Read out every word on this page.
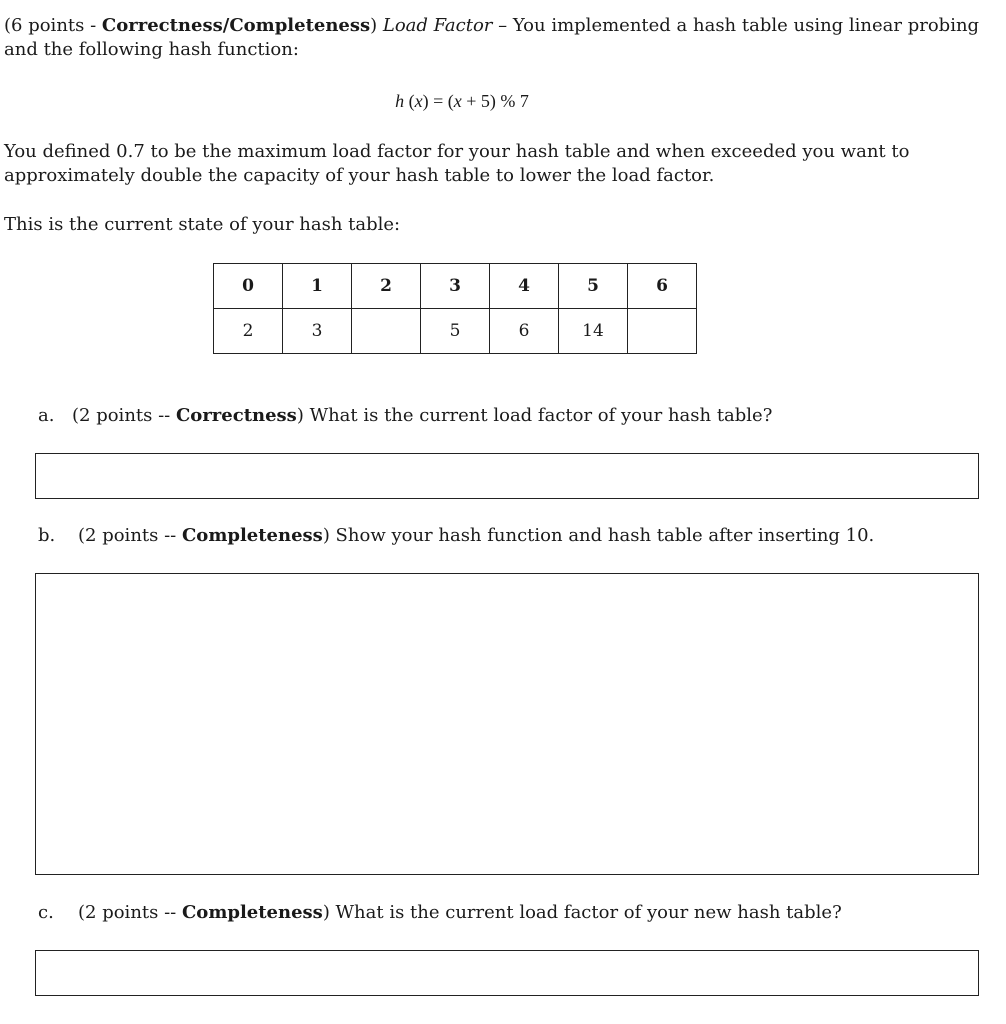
(6 points - Correctness/Completeness) Load Factor – You implemented a hash table using linear probing and the following hash function:

h (x) = (x + 5) % 7

You defined 0.7 to be the maximum load factor for your hash table and when exceeded you want to approximately double the capacity of your hash table to lower the load factor.

This is the current state of your hash table:

0	1	2	3	4	5	6
2	3		5	6	14	
a. (2 points -- Correctness) What is the current load factor of your hash table?
b. (2 points -- Completeness) Show your hash function and hash table after inserting 10.
c. (2 points -- Completeness) What is the current load factor of your new hash table?
